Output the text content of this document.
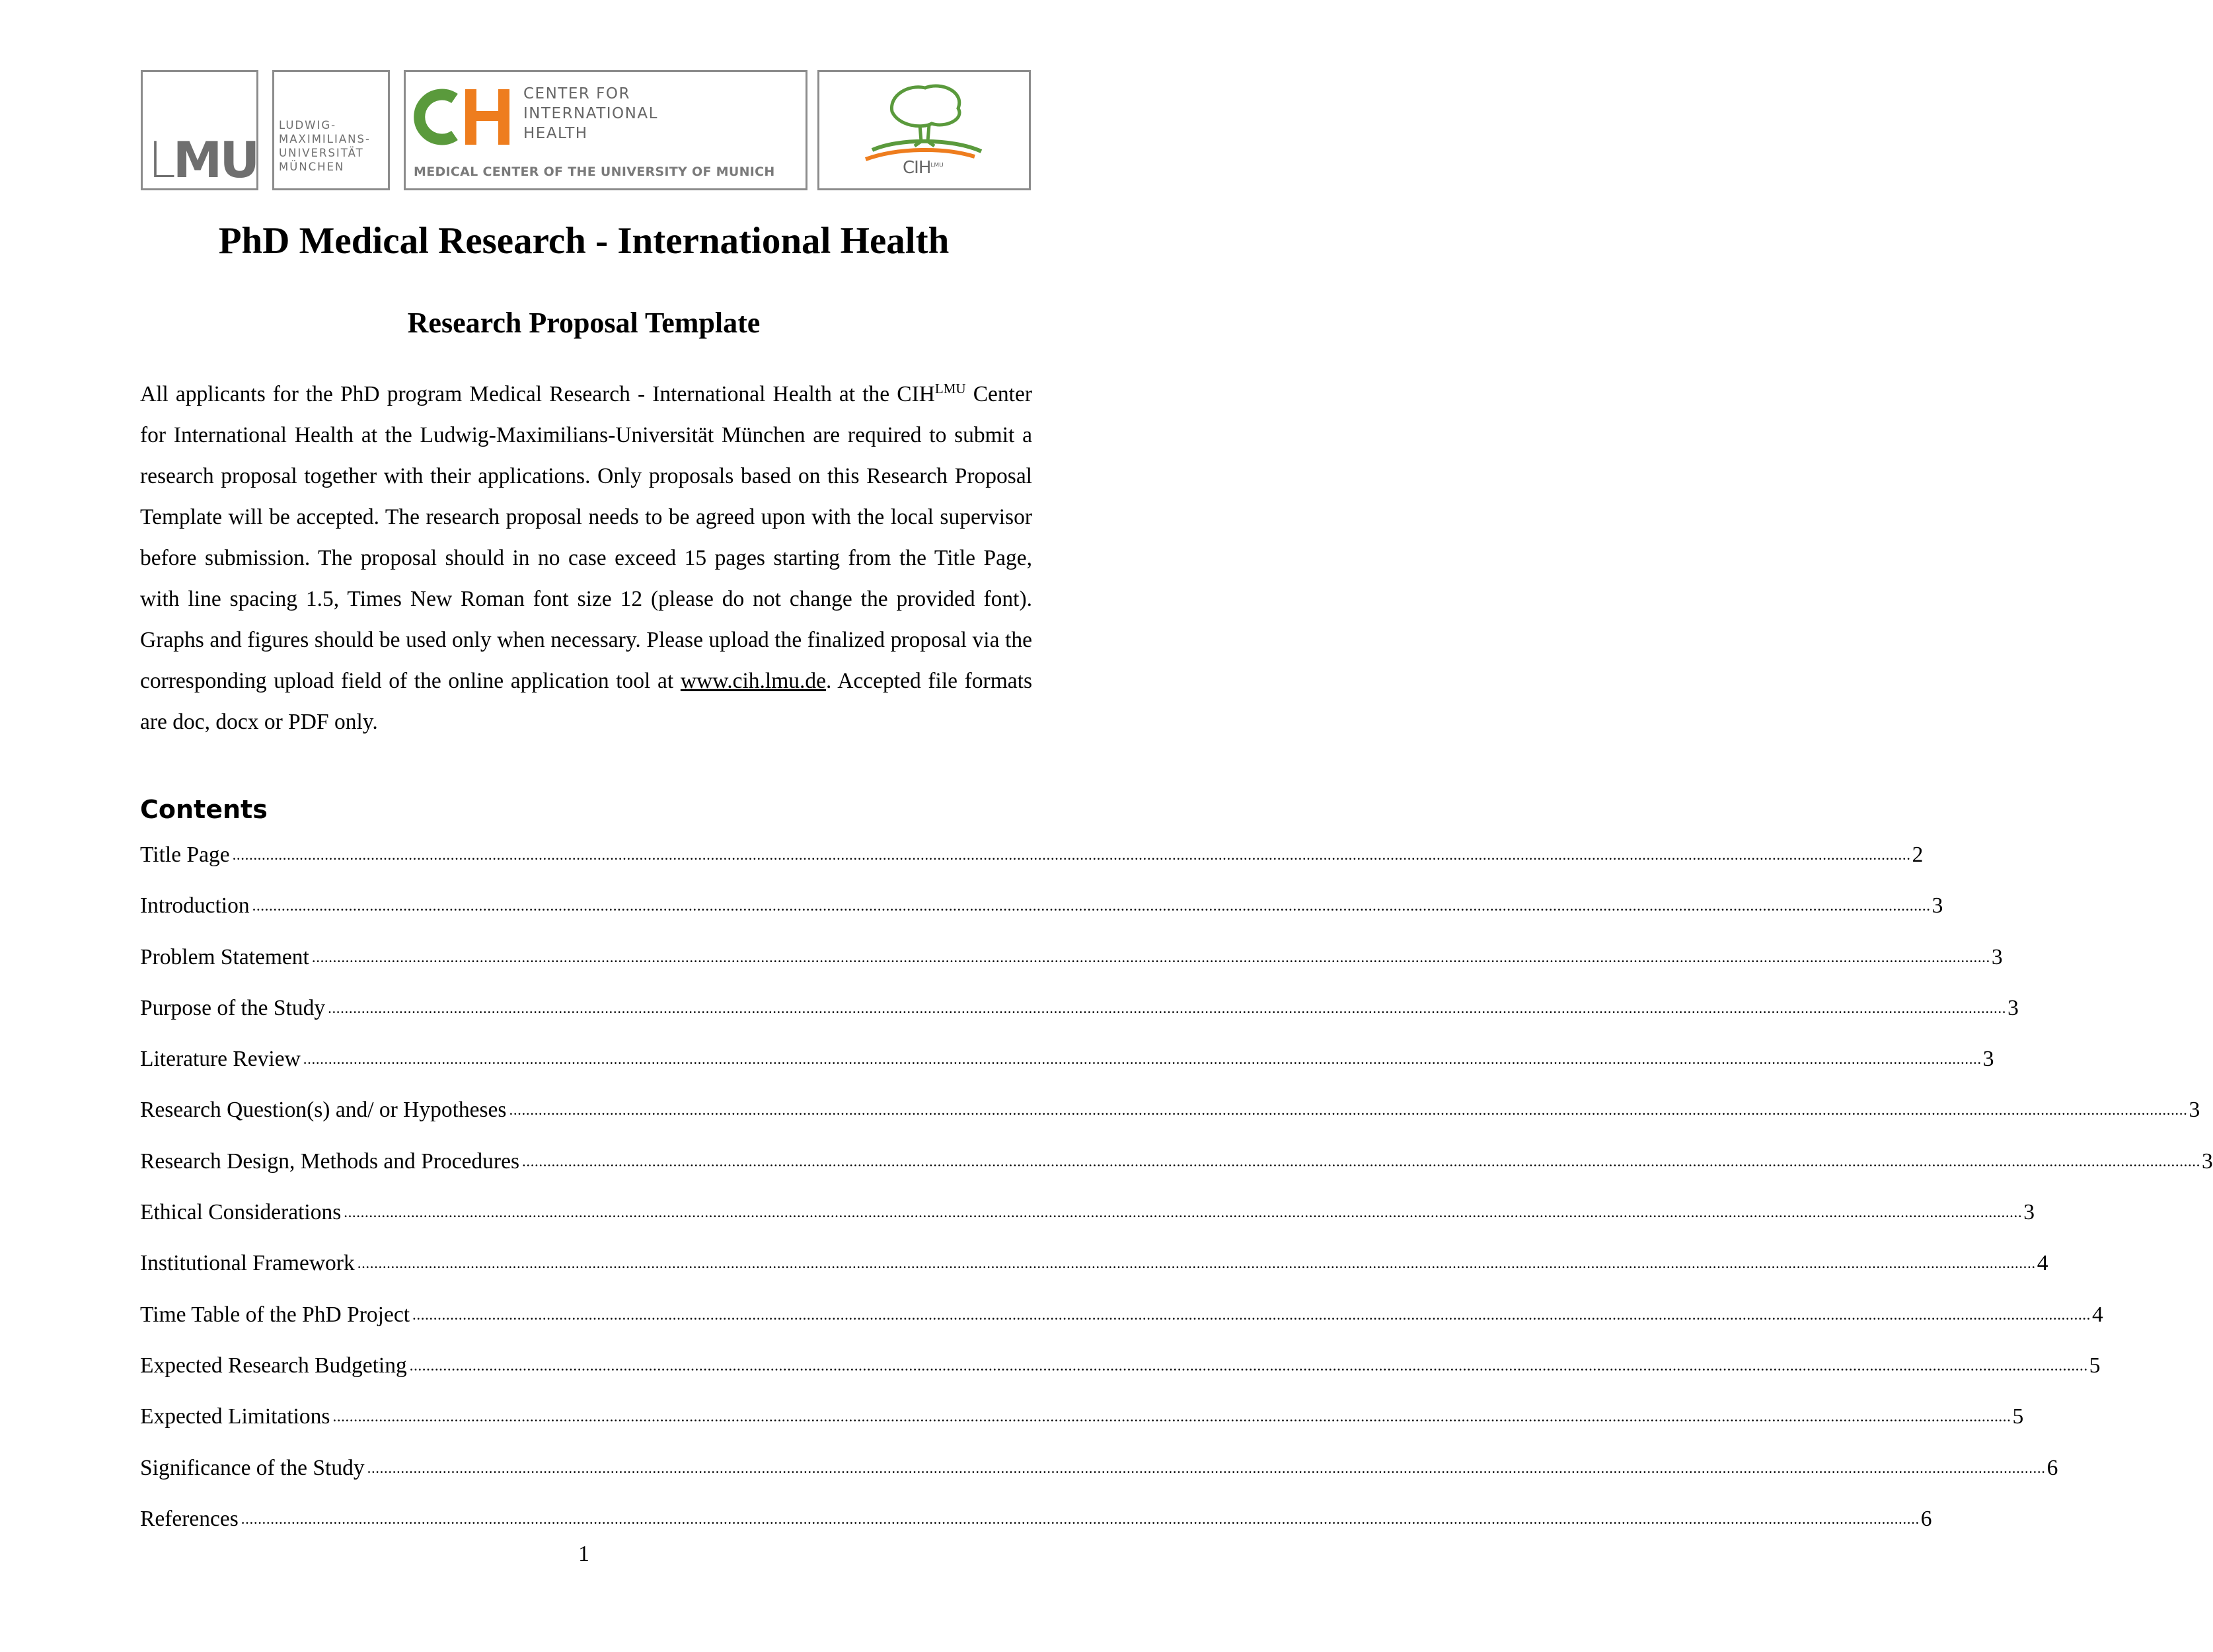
LMU
LUDWIG-
MAXIMILIANS-
UNIVERSITÄT
MÜNCHEN
CENTER FOR
INTERNATIONAL
HEALTH
MEDICAL CENTER OF THE UNIVERSITY OF MUNICH	$CIH^{LMU}$
PhD Medical Research - International Health
Research Proposal Template
All applicants for the PhD program Medical Research - International Health at the $CIH^{LMU}$ Center for International Health at the Ludwig-Maximilians-Universität München are required to submit a research proposal together with their applications. Only proposals based on this Research Proposal Template will be accepted. The research proposal needs to be agreed upon with the local supervisor before submission. The proposal should in no case exceed 15 pages starting from the Title Page, with line spacing 1.5, Times New Roman font size 12 (please do not change the provided font). Graphs and figures should be used only when necessary. Please upload the finalized proposal via the corresponding upload field of the online application tool at www.cih.lmu.de. Accepted file formats are doc, docx or PDF only.
Contents
Title Page ................................................................................................................................................................................................................................................................................................................................................................................................................ 2
Introduction ................................................................................................................................................................................................................................................................................................................................................................................................................ 3
Problem Statement ................................................................................................................................................................................................................................................................................................................................................................................................................ 3
Purpose of the Study ................................................................................................................................................................................................................................................................................................................................................................................................................ 3
Literature Review ................................................................................................................................................................................................................................................................................................................................................................................................................ 3
Research Question(s) and/ or Hypotheses ................................................................................................................................................................................................................................................................................................................................................................................................................ 3
Research Design, Methods and Procedures ................................................................................................................................................................................................................................................................................................................................................................................................................ 3
Ethical Considerations ................................................................................................................................................................................................................................................................................................................................................................................................................ 3
Institutional Framework ................................................................................................................................................................................................................................................................................................................................................................................................................ 4
Time Table of the PhD Project ................................................................................................................................................................................................................................................................................................................................................................................................................ 4
Expected Research Budgeting ................................................................................................................................................................................................................................................................................................................................................................................................................ 5
Expected Limitations ................................................................................................................................................................................................................................................................................................................................................................................................................ 5
Significance of the Study ................................................................................................................................................................................................................................................................................................................................................................................................................ 6
References ................................................................................................................................................................................................................................................................................................................................................................................................................ 6
1
